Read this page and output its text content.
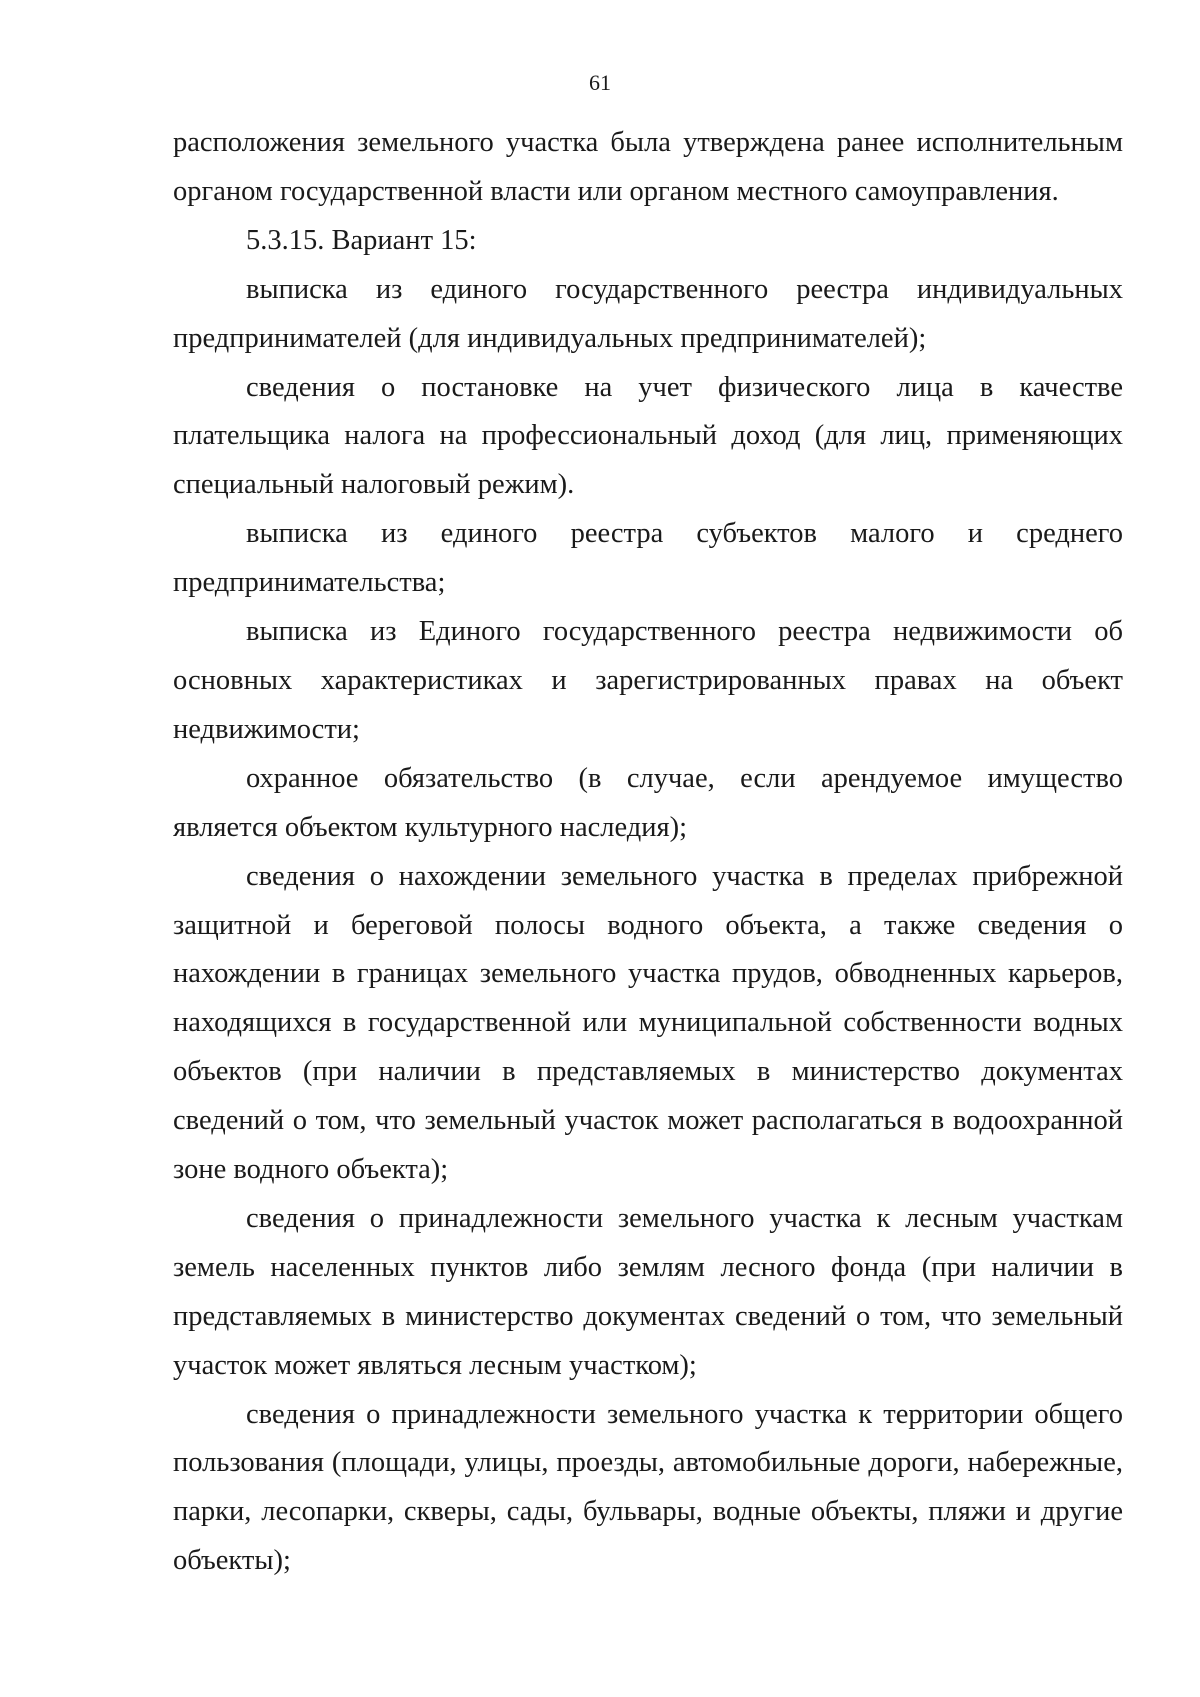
61

расположения земельного участка была утверждена ранее исполнительным органом государственной власти или органом местного самоуправления.

5.3.15. Вариант 15:

выписка из единого государственного реестра индивидуальных предпринимателей (для индивидуальных предпринимателей);

сведения о постановке на учет физического лица в качестве плательщика налога на профессиональный доход (для лиц, применяющих специальный налоговый режим).

выписка из единого реестра субъектов малого и среднего предпринимательства;

выписка из Единого государственного реестра недвижимости об основных характеристиках и зарегистрированных правах на объект недвижимости;

охранное обязательство (в случае, если арендуемое имущество является объектом культурного наследия);

сведения о нахождении земельного участка в пределах прибрежной защитной и береговой полосы водного объекта, а также сведения о нахождении в границах земельного участка прудов, обводненных карьеров, находящихся в государственной или муниципальной собственности водных объектов (при наличии в представляемых в министерство документах сведений о том, что земельный участок может располагаться в водоохранной зоне водного объекта);

сведения о принадлежности земельного участка к лесным участкам земель населенных пунктов либо землям лесного фонда (при наличии в представляемых в министерство документах сведений о том, что земельный участок может являться лесным участком);

сведения о принадлежности земельного участка к территории общего пользования (площади, улицы, проезды, автомобильные дороги, набережные, парки, лесопарки, скверы, сады, бульвары, водные объекты, пляжи и другие объекты);
